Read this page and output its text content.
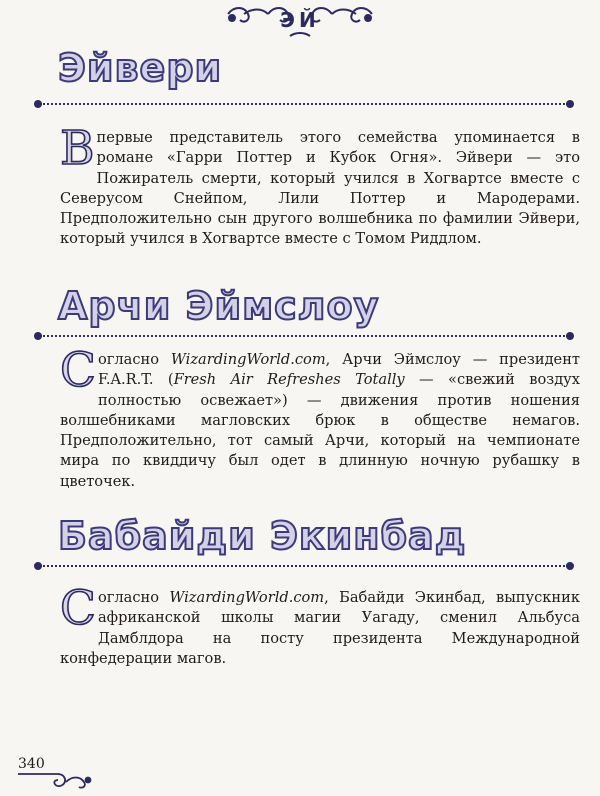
ЭЙ
Эйвери

Впервые представитель этого семейства упоминается в романе «Гарри Поттер и Кубок Огня». Эйвери — это Пожиратель смерти, который учился в Хогвартсе вместе с Северусом Снейпом, Лили Поттер и Мародерами. Предположительно сын другого волшебника по фамилии Эйвери, который учился в Хогвартсе вместе с Томом Риддлом.

Арчи Эймслоу

Согласно WizardingWorld.com, Арчи Эймслоу — президент F.A.R.T. (Fresh Air Refreshes Totally — «свежий воздух полностью освежает») — движения против ношения волшебниками магловских брюк в обществе немагов. Предположительно, тот самый Арчи, который на чемпионате мира по квиддичу был одет в длинную ночную рубашку в цветочек.

Бабайди Экинбад

Согласно WizardingWorld.com, Бабайди Экинбад, выпускник африканской школы магии Уагаду, сменил Альбуса Дамблдора на посту президента Международной конфедерации магов.

340
